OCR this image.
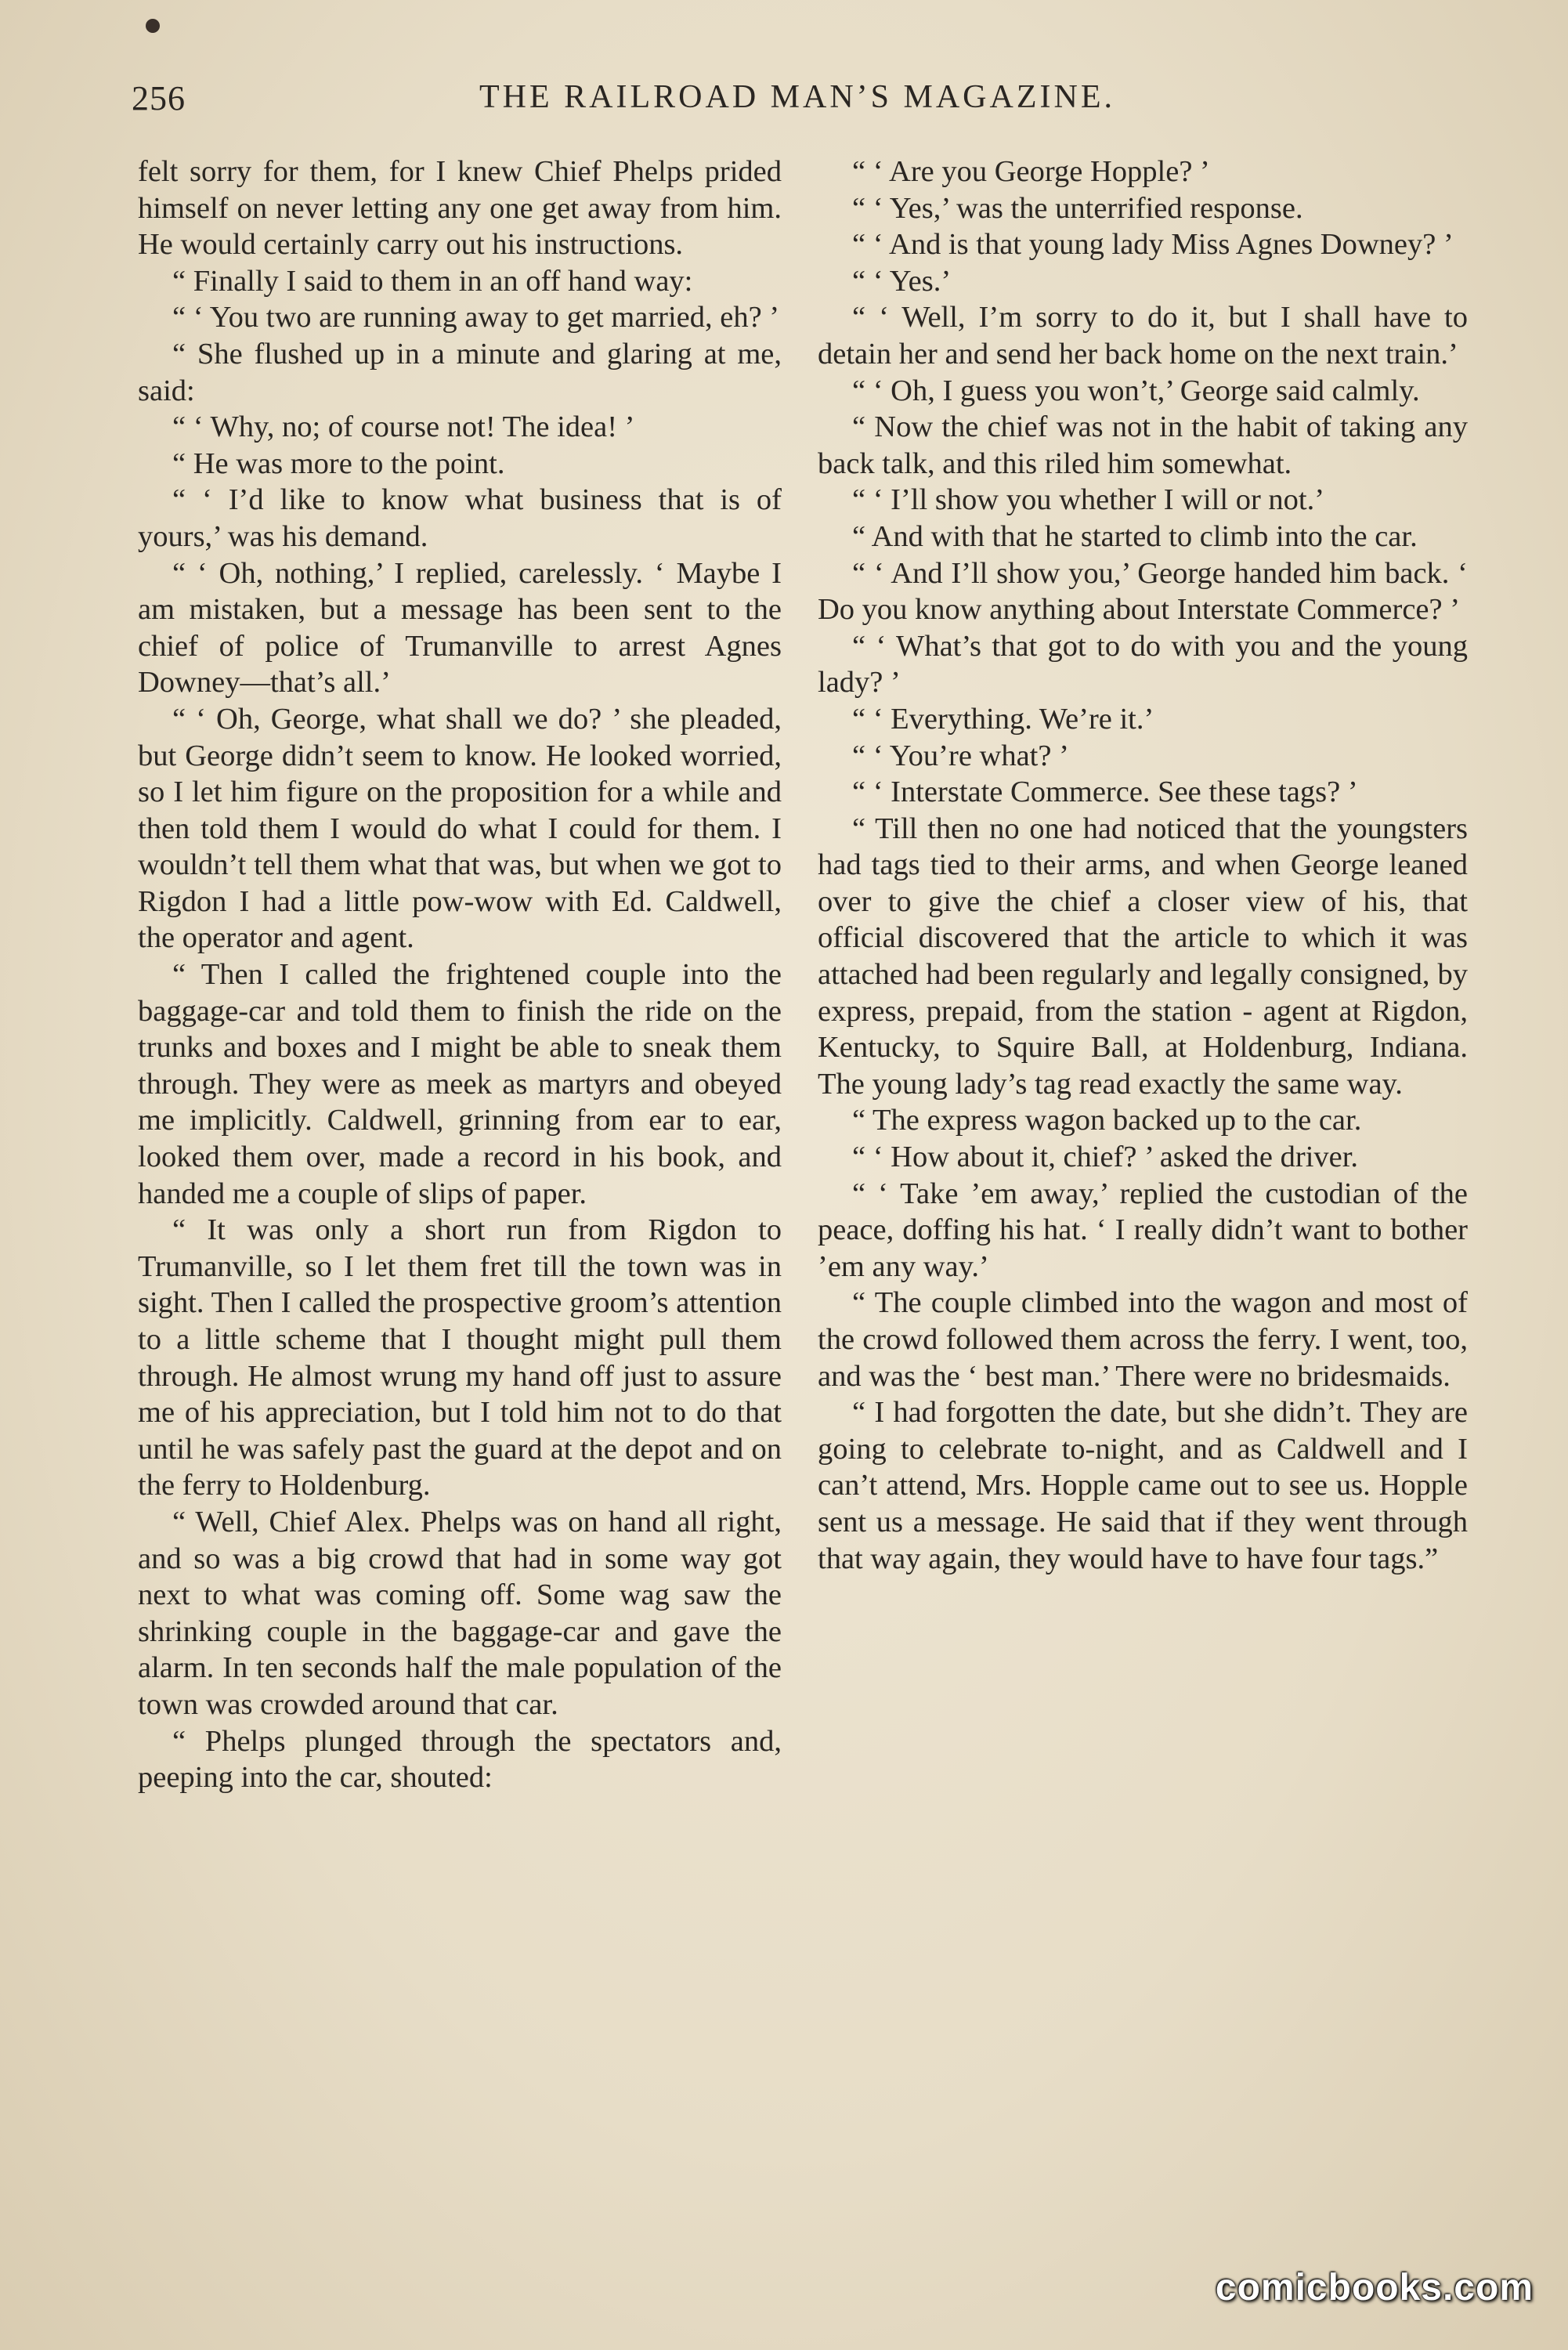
256	THE RAILROAD MAN’S MAGAZINE.

felt sorry for them, for I knew Chief Phelps prided himself on never letting any one get away from him. He would certainly carry out his instructions.

“ Finally I said to them in an off hand way:

“ ‘ You two are running away to get married, eh? ’

“ She flushed up in a minute and glaring at me, said:

“ ‘ Why, no; of course not! The idea! ’

“ He was more to the point.

“ ‘ I’d like to know what business that is of yours,’ was his demand.

“ ‘ Oh, nothing,’ I replied, carelessly. ‘ Maybe I am mistaken, but a message has been sent to the chief of police of Trumanville to arrest Agnes Downey—that’s all.’

“ ‘ Oh, George, what shall we do? ’ she pleaded, but George didn’t seem to know. He looked worried, so I let him figure on the proposition for a while and then told them I would do what I could for them. I wouldn’t tell them what that was, but when we got to Rigdon I had a little pow-wow with Ed. Caldwell, the operator and agent.

“ Then I called the frightened couple into the baggage-car and told them to finish the ride on the trunks and boxes and I might be able to sneak them through. They were as meek as martyrs and obeyed me implicitly. Caldwell, grinning from ear to ear, looked them over, made a record in his book, and handed me a couple of slips of paper.

“ It was only a short run from Rigdon to Trumanville, so I let them fret till the town was in sight. Then I called the prospective groom’s attention to a little scheme that I thought might pull them through. He almost wrung my hand off just to assure me of his appreciation, but I told him not to do that until he was safely past the guard at the depot and on the ferry to Holdenburg.

“ Well, Chief Alex. Phelps was on hand all right, and so was a big crowd that had in some way got next to what was coming off. Some wag saw the shrinking couple in the baggage-car and gave the alarm. In ten seconds half the male population of the town was crowded around that car.

“ Phelps plunged through the spectators and, peeping into the car, shouted:

“ ‘ Are you George Hopple? ’

“ ‘ Yes,’ was the unterrified response.

“ ‘ And is that young lady Miss Agnes Downey? ’

“ ‘ Yes.’

“ ‘ Well, I’m sorry to do it, but I shall have to detain her and send her back home on the next train.’

“ ‘ Oh, I guess you won’t,’ George said calmly.

“ Now the chief was not in the habit of taking any back talk, and this riled him somewhat.

“ ‘ I’ll show you whether I will or not.’

“ And with that he started to climb into the car.

“ ‘ And I’ll show you,’ George handed him back. ‘ Do you know anything about Interstate Commerce? ’

“ ‘ What’s that got to do with you and the young lady? ’

“ ‘ Everything. We’re it.’

“ ‘ You’re what? ’

“ ‘ Interstate Commerce. See these tags? ’

“ Till then no one had noticed that the youngsters had tags tied to their arms, and when George leaned over to give the chief a closer view of his, that official discovered that the article to which it was attached had been regularly and legally consigned, by express, prepaid, from the station - agent at Rigdon, Kentucky, to Squire Ball, at Holdenburg, Indiana. The young lady’s tag read exactly the same way.

“ The express wagon backed up to the car.

“ ‘ How about it, chief? ’ asked the driver.

“ ‘ Take ’em away,’ replied the custodian of the peace, doffing his hat. ‘ I really didn’t want to bother ’em any way.’

“ The couple climbed into the wagon and most of the crowd followed them across the ferry. I went, too, and was the ‘ best man.’ There were no bridesmaids.

“ I had forgotten the date, but she didn’t. They are going to celebrate to-night, and as Caldwell and I can’t attend, Mrs. Hopple came out to see us. Hopple sent us a message. He said that if they went through that way again, they would have to have four tags.”

comicbooks.com
